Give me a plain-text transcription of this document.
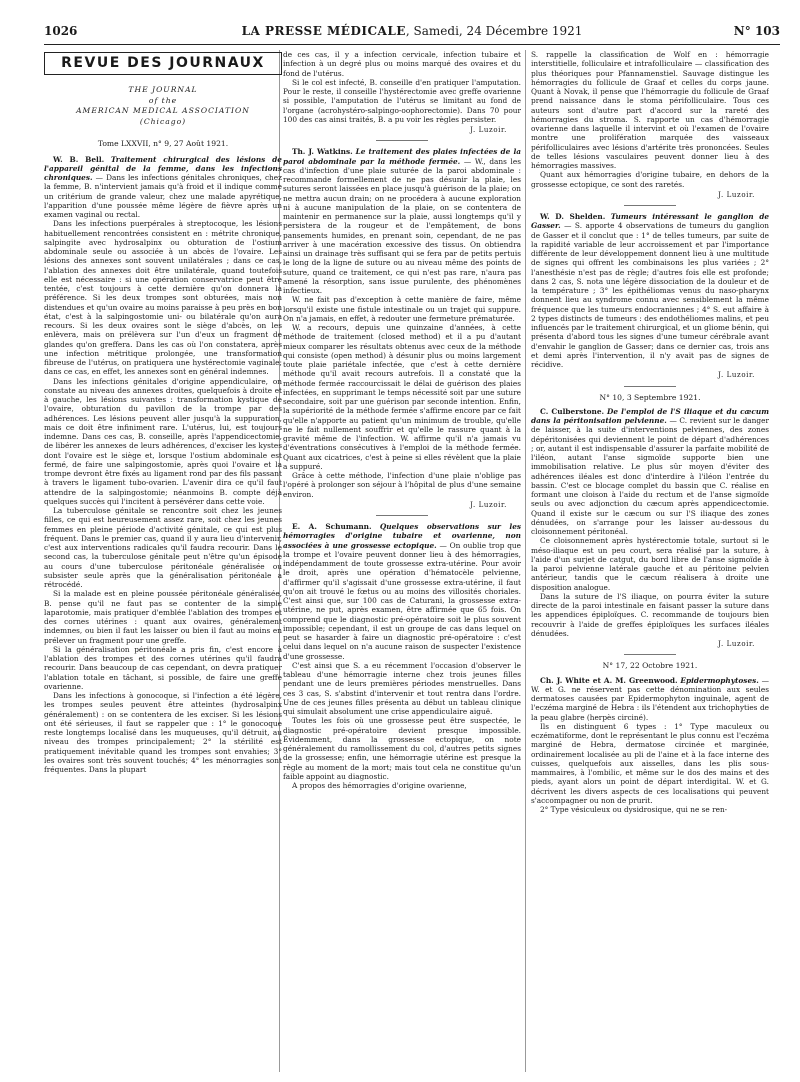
1026	LA PRESSE MÉDICALE, Samedi, 24 Décembre 1921	N° 103
REVUE DES JOURNAUX
THE JOURNAL
of the
AMERICAN MEDICAL ASSOCIATION
(Chicago)
Tome LXXVII, n° 9, 27 Août 1921.

W. B. Bell. Traitement chirurgical des lésions de l'appareil génital de la femme, dans les infections chroniques. — Dans les infections génitales chroniques, chez la femme, B. n'intervient jamais qu'à froid et il indique comme un critérium de grande valeur, chez une malade apyrétique, l'apparition d'une poussée même légère de fièvre après un examen vaginal ou rectal.

Dans les infections puerpérales à streptocoque, les lésions habituellement rencontrées consistent en : métrite chronique, salpingite avec hydrosalpinx ou obturation de l'ostium abdominale seule ou associée à un abcès de l'ovaire. Les lésions des annexes sont souvent unilatérales ; dans ce cas, l'ablation des annexes doit être unilatérale, quand toutefois elle est nécessaire : si une opération conservatrice peut être tentée, c'est toujours à cette dernière qu'on donnera la préférence. Si les deux trompes sont obturées, mais non distendues et qu'un ovaire au moins paraisse à peu près en bon état, c'est à la salpingostomie uni- ou bilatérale qu'on aura recours. Si les deux ovaires sont le siège d'abcès, on les enlèvera, mais on prélèvera sur l'un d'eux un fragment de glandes qu'on greffera. Dans les cas où l'on constatera, après une infection métritique prolongée, une transformation fibreuse de l'utérus, on pratiquera une hystérectomie vaginale; dans ce cas, en effet, les annexes sont en général indemnes.

Dans les infections génitales d'origine appendiculaire, on constate au niveau des annexes droites, quelquefois à droite et à gauche, les lésions suivantes : transformation kystique de l'ovaire, obturation du pavillon de la trompe par des adhérences. Les lésions peuvent aller jusqu'à la suppuration, mais ce doit être infiniment rare. L'utérus, lui, est toujours indemne. Dans ces cas, B. conseille, après l'appendicectomie, de libérer les annexes de leurs adhérences, d'exciser les kystes dont l'ovaire est le siège et, lorsque l'ostium abdominale est fermé, de faire une salpingostomie, après quoi l'ovaire et la trompe devront être fixés au ligament rond par des fils passant à travers le ligament tubo-ovarien. L'avenir dira ce qu'il faut attendre de la salpingostomie; néanmoins B. compte déjà quelques succès qui l'incitent à persévérer dans cette voie.

La tuberculose génitale se rencontre soit chez les jeunes filles, ce qui est heureusement assez rare, soit chez les jeunes femmes en pleine période d'activité génitale, ce qui est plus fréquent. Dans le premier cas, quand il y aura lieu d'intervenir, c'est aux interventions radicales qu'il faudra recourir. Dans le second cas, la tuberculose génitale peut n'être qu'un épisode au cours d'une tuberculose péritonéale généralisée ou subsister seule après que la généralisation péritonéale a rétrocédé.

Si la malade est en pleine poussée péritonéale généralisée, B. pense qu'il ne faut pas se contenter de la simple laparotomie, mais pratiquer d'emblée l'ablation des trompes et des cornes utérines : quant aux ovaires, généralement indemnes, ou bien il faut les laisser ou bien il faut au moins en prélever un fragment pour une greffe.

Si la généralisation péritonéale a pris fin, c'est encore à l'ablation des trompes et des cornes utérines qu'il faudra recourir. Dans beaucoup de cas cependant, on devra pratiquer l'ablation totale en tâchant, si possible, de faire une greffe ovarienne.

Dans les infections à gonocoque, si l'infection a été légère, les trompes seules peuvent être atteintes (hydrosalpinx généralement) : on se contentera de les exciser. Si les lésions ont été sérieuses, il faut se rappeler que : 1° le gonocoque reste longtemps localisé dans les muqueuses, qu'il détruit, au niveau des trompes principalement; 2° la stérilité est pratiquement inévitable quand les trompes sont envahies; 3° les ovaires sont très souvent touchés; 4° les ménorragies sont fréquentes. Dans la plupart

de ces cas, il y a infection cervicale, infection tubaire et infection à un degré plus ou moins marqué des ovaires et du fond de l'utérus.

Si le col est infecté, B. conseille d'en pratiquer l'amputation. Pour le reste, il conseille l'hystérectomie avec greffe ovarienne si possible, l'amputation de l'utérus se limitant au fond de l'organe (acrohystéro-salpingo-oophorectomie). Dans 70 pour 100 des cas ainsi traités, B. a pu voir les règles persister.

J. Luzoir.

Th. J. Watkins. Le traitement des plaies infectées de la paroi abdominale par la méthode fermée. — W., dans les cas d'infection d'une plaie suturée de la paroi abdominale : recommande formellement de ne pas désunir la plaie, les sutures seront laissées en place jusqu'à guérison de la plaie; on ne mettra aucun drain; on ne procédera à aucune exploration ni à aucune manipulation de la plaie, on se contentera de maintenir en permanence sur la plaie, aussi longtemps qu'il y persistera de la rougeur et de l'empâtement, de bons pansements humides, en prenant soin, cependant, de ne pas arriver à une macération excessive des tissus. On obtiendra ainsi un drainage très suffisant qui se fera par de petits pertuis le long de la ligne de suture ou au niveau même des points de suture, quand ce traitement, ce qui n'est pas rare, n'aura pas amené la résorption, sans issue purulente, des phénomènes infectieux.

W. ne fait pas d'exception à cette manière de faire, même lorsqu'il existe une fistule intestinale ou un trajet qui suppure. On n'a jamais, en effet, à redouter une fermeture prématurée.

W. a recours, depuis une quinzaine d'années, à cette méthode de traitement (closed method) et il a pu d'autant mieux comparer les résultats obtenus avec ceux de la méthode qui consiste (open method) à désunir plus ou moins largement toute plaie pariétale infectée, que c'est à cette dernière méthode qu'il avait recours autrefois. Il a constaté que la méthode fermée raccourcissait le délai de guérison des plaies infectées, en supprimant le temps nécessité soit par une suture secondaire, soit par une guérison par seconde intention. Enfin, la supériorité de la méthode fermée s'affirme encore par ce fait qu'elle n'apporte au patient qu'un minimum de trouble, qu'elle ne le fait nullement souffrir et qu'elle le rassure quant à la gravité même de l'infection. W. affirme qu'il n'a jamais vu d'éventrations consécutives à l'emploi de la méthode fermée. Quant aux cicatrices, c'est à peine si elles révèlent que la plaie a suppuré.

Grâce à cette méthode, l'infection d'une plaie n'oblige pas l'opéré à prolonger son séjour à l'hôpital de plus d'une semaine environ.

J. Luzoir.

E. A. Schumann. Quelques observations sur les hémorragies d'origine tubaire et ovarienne, non associées à une grossesse ectopique. — On oublie trop que la trompe et l'ovaire peuvent donner lieu à des hémorragies, indépendamment de toute grossesse extra-utérine. Pour avoir le droit, après une opération d'hématocèle pelvienne, d'affirmer qu'il s'agissait d'une grossesse extra-utérine, il faut qu'on ait trouvé le fœtus ou au moins des villosités choriales. C'est ainsi que, sur 100 cas de Caturani, la grossesse extra-utérine, ne put, après examen, être affirmée que 65 fois. On comprend que le diagnostic pré-opératoire soit le plus souvent impossible; cependant, il est un groupe de cas dans lequel on peut se hasarder à faire un diagnostic pré-opératoire : c'est celui dans lequel on n'a aucune raison de suspecter l'existence d'une grossesse.

C'est ainsi que S. a eu récemment l'occasion d'observer le tableau d'une hémorragie interne chez trois jeunes filles pendant une de leurs premières périodes menstruelles. Dans ces 3 cas, S. s'abstint d'intervenir et tout rentra dans l'ordre. Une de ces jeunes filles présenta au début un tableau clinique qui simulait absolument une crise appendiculaire aiguë.

Toutes les fois où une grossesse peut être suspectée, le diagnostic pré-opératoire devient presque impossible. Évidemment, dans la grossesse ectopique, on note généralement du ramollissement du col, d'autres petits signes de la grossesse; enfin, une hémorragie utérine est presque la règle au moment de la mort; mais tout cela ne constitue qu'un faible appoint au diagnostic.

A propos des hémorragies d'origine ovarienne,

S. rappelle la classification de Wolf en : hémorragie interstitielle, folliculaire et intrafolliculaire — classification des plus théoriques pour Pfannamenstiel. Sauvage distingue les hémorragies du follicule de Graaf et celles du corps jaune. Quant à Novak, il pense que l'hémorragie du follicule de Graaf prend naissance dans le stoma périfolliculaire. Tous ces auteurs sont d'autre part d'accord sur la rareté des hémorragies du stroma. S. rapporte un cas d'hémorragie ovarienne dans laquelle il intervint et où l'examen de l'ovaire montre une prolifération marquée des vaisseaux périfolliculaires avec lésions d'artérite très prononcées. Seules de telles lésions vasculaires peuvent donner lieu à des hémorragies massives.

Quant aux hémorragies d'origine tubaire, en dehors de la grossesse ectopique, ce sont des raretés.

J. Luzoir.

W. D. Shelden. Tumeurs intéressant le ganglion de Gasser. — S. apporte 4 observations de tumeurs du ganglion de Gasser et il conclut que : 1° de telles tumeurs, par suite de la rapidité variable de leur accroissement et par l'importance différente de leur développement donnent lieu à une multitude de signes qui offrent les combinaisons les plus variées ; 2° l'anesthésie n'est pas de règle; d'autres fois elle est profonde; dans 2 cas, S. nota une légère dissociation de la douleur et de la température ; 3° les épithéliomas venus du naso-pharynx donnent lieu au syndrome connu avec sensiblement la même fréquence que les tumeurs endocraniennes ; 4° S. eut affaire à 2 types distincts de tumeurs : des endothéliomes malins, et peu influencés par le traitement chirurgical, et un gliome bénin, qui présenta d'abord tous les signes d'une tumeur cérébrale avant d'envahir le ganglion de Gasser; dans ce dernier cas, trois ans et demi après l'intervention, il n'y avait pas de signes de récidive.

J. Luzoir.
N° 10, 3 Septembre 1921.

C. Culberstone. De l'emploi de l'S iliaque et du cæcum dans la péritonisation pelvienne. — C. revient sur le danger de laisser, à la suite d'interventions pelviennes, des zones dépéritonisées qui deviennent le point de départ d'adhérences ; or, autant il est indispensable d'assurer la parfaite mobilité de l'iléon, autant l'anse sigmoïde supporte bien une immobilisation relative. Le plus sûr moyen d'éviter des adhérences iléales est donc d'interdire à l'iléon l'entrée du bassin. C'est ce blocage complet du bassin que C. réalise en formant une cloison à l'aide du rectum et de l'anse sigmoïde seuls ou avec adjonction du cæcum après appendicectomie. Quand il existe sur le cæcum ou sur l'S iliaque des zones dénudées, on s'arrange pour les laisser au-dessous du cloisonnement péritonéal.

Ce cloisonnement après hystérectomie totale, surtout si le méso-iliaque est un peu court, sera réalisé par la suture, à l'aide d'un surjet de catgut, du bord libre de l'anse sigmoïde à la paroi pelvienne latérale gauche et au péritoine pelvien antérieur, tandis que le cæcum réalisera à droite une disposition analogue.

Dans la suture de l'S iliaque, on pourra éviter la suture directe de la paroi intestinale en faisant passer la suture dans les appendices épiploïques. C. recommande de toujours bien recouvrir à l'aide de greffes épiploïques les surfaces iléales dénudées.

J. Luzoir.
N° 17, 22 Octobre 1921.

Ch. J. White et A. M. Greenwood. Epidermophytoses. — W. et G. ne réservent pas cette dénomination aux seules dermatoses causées par Epidermophyton inguinale, agent de l'eczéma marginé de Hebra : ils l'étendent aux trichophyties de la peau glabre (herpès circiné).

Ils en distinguent 6 types : 1° Type maculeux ou eczématiforme, dont le représentant le plus connu est l'eczéma marginé de Hebra, dermatose circinée et marginée, ordinairement localisée au pli de l'aine et à la face interne des cuisses, quelquefois aux aisselles, dans les plis sous-mammaires, à l'ombilic, et même sur le dos des mains et des pieds, ayant alors un point de départ interdigital. W. et G. décrivent les divers aspects de ces localisations qui peuvent s'accompagner ou non de prurit.

2° Type vésiculeux ou dysidrosique, qui ne se ren-
